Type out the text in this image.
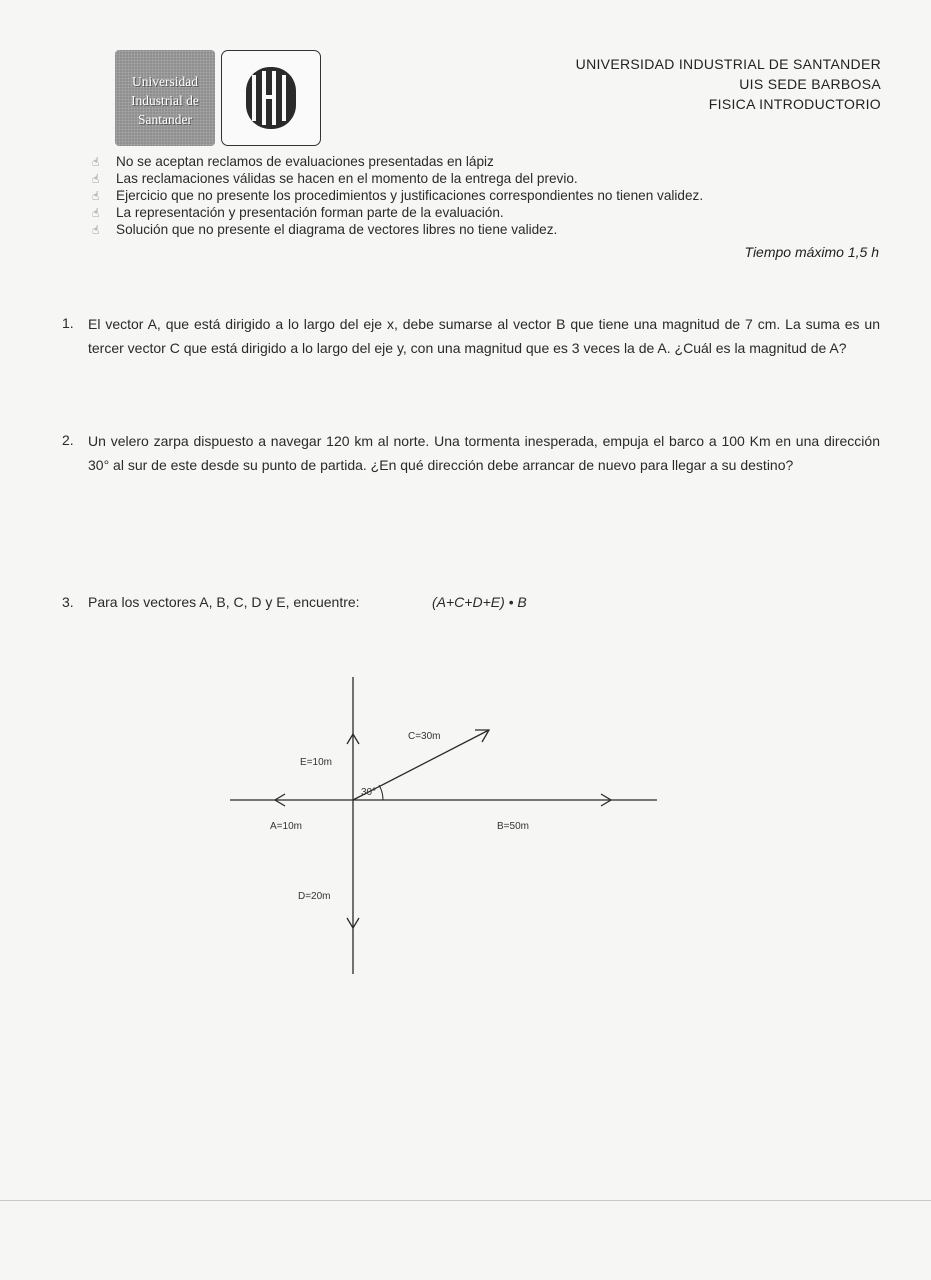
Universidad
Industrial de
Santander
UNIVERSIDAD INDUSTRIAL DE SANTANDER
UIS SEDE BARBOSA
FISICA INTRODUCTORIO
☝ No se aceptan reclamos de evaluaciones presentadas en lápiz
☝ Las reclamaciones válidas se hacen en el momento de la entrega del previo.
☝ Ejercicio que no presente los procedimientos y justificaciones correspondientes no tienen validez.
☝ La representación y presentación forman parte de la evaluación.
☝ Solución que no presente el diagrama de vectores libres no tiene validez.
Tiempo máximo 1,5 h
1. El vector A, que está dirigido a lo largo del eje x, debe sumarse al vector B que tiene una magnitud de 7 cm. La suma es un tercer vector C que está dirigido a lo largo del eje y, con una magnitud que es 3 veces la de A. ¿Cuál es la magnitud de A?
2. Un velero zarpa dispuesto a navegar 120 km al norte. Una tormenta inesperada, empuja el barco a 100 Km en una dirección 30° al sur de este desde su punto de partida. ¿En qué dirección debe arrancar de nuevo para llegar a su destino?
3. Para los vectores A, B, C, D y E, encuentre:	(A+C+D+E) • B
C=30m
E=10m
30°
A=10m	B=50m
D=20m
